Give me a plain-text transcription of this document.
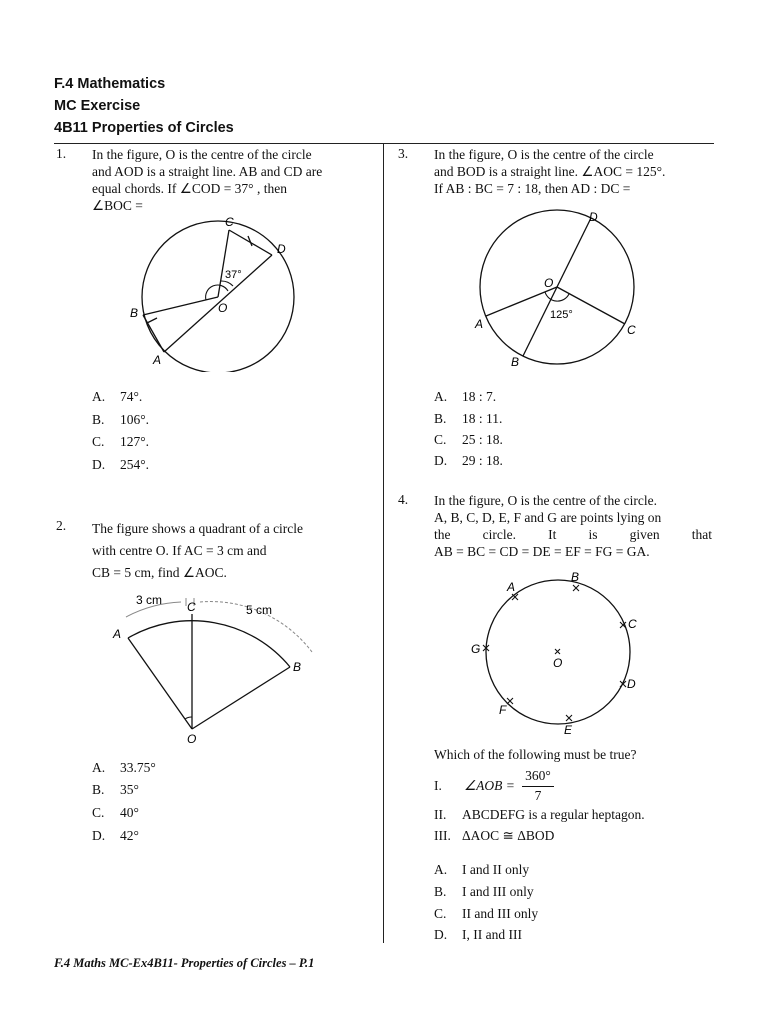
F.4 Mathematics
MC Exercise
4B11 Properties of Circles
1. In the figure, O is the centre of the circle
and AOD is a straight line. AB and CD are
equal chords. If ∠COD = 37° , then
∠BOC =
C
D
B
A
O
37°
A. 74°.
B. 106°.
C. 127°.
D. 254°.
2. The figure shows a quadrant of a circle
with centre O. If AC = 3 cm and
CB = 5 cm, find ∠AOC.
3 cm
5 cm
C
A
B
O
A. 33.75°
B. 35°
C. 40°
D. 42°
3. In the figure, O is the centre of the circle
and BOD is a straight line. ∠AOC = 125°.
If AB : BC = 7 : 18, then AD : DC =
D
O
A
B
C
125°
A. 18 : 7.
B. 18 : 11.
C. 25 : 18.
D. 29 : 18.
4. In the figure, O is the centre of the circle.
A, B, C, D, E, F and G are points lying on
the circle. It is given that
AB = BC = CD = DE = EF = FG = GA.
A
B
C
D
E
F
G
O
Which of the following must be true?
I. ∠AOB =
360°
7
II. ABCDEFG is a regular heptagon.
III. ΔAOC ≅ ΔBOD
A. I and II only
B. I and III only
C. II and III only
D. I, II and III
F.4 Maths MC-Ex4B11- Properties of Circles – P.1
